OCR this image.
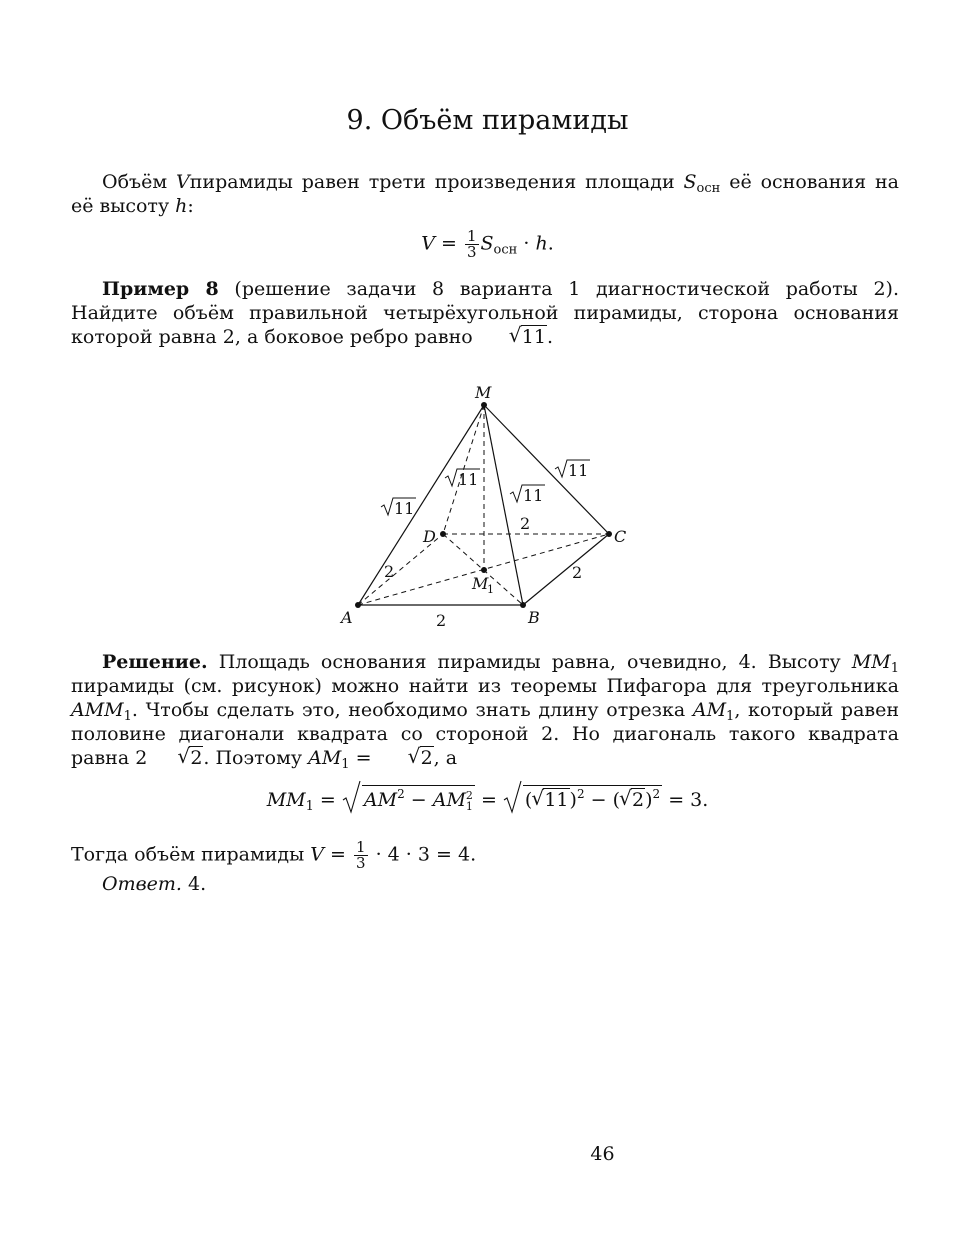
9. Объём пирамиды
Объём Vпирамиды равен трети произведения площади $S_{осн}$ её основания на её высоту h:
$V = \frac{1}{3} S_{осн} \cdot h$.
Пример 8 (решение задачи 8 варианта 1 диагностической работы 2). Найдите объём правильной четырёхугольной пирамиды, сторона основания которой равна 2, а боковое ребро равно √ 11.
M
A	B
C
D
M
1
11
11
11
11
2
2
2
2
Решение. Площадь основания пирамиды равна, очевидно, 4. Высоту $MM_1$ пирамиды (см. рисунок) можно найти из теоремы Пифагора для треугольника $AMM_1$. Чтобы сделать это, необходимо знать длину отрезка $AM_1$, который равен половине диагонали квадрата со стороной 2. Но диагональ такого квадрата равна 2 √ 2. Поэтому $AM_1$ = √ 2, а
$MM_1$ =
$AM^2$ − AM 2
1 =
( √ 11)$^2$ − ( √ 2)$^2$ = 3.
Тогда объём пирамиды $V = \frac{1}{3} \cdot 4 \cdot 3 = 4$.
Ответ. 4.
46
